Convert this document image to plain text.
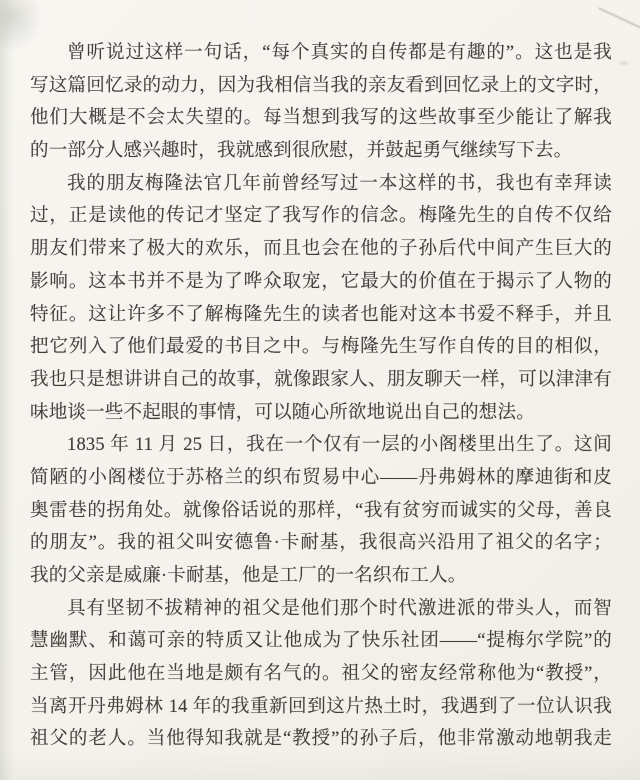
曾听说过这样一句话，“每个真实的自传都是有趣的”。这也是我
写这篇回忆录的动力，因为我相信当我的亲友看到回忆录上的文字时，
他们大概是不会太失望的。每当想到我写的这些故事至少能让了解我
的一部分人感兴趣时，我就感到很欣慰，并鼓起勇气继续写下去。
我的朋友梅隆法官几年前曾经写过一本这样的书，我也有幸拜读
过，正是读他的传记才坚定了我写作的信念。梅隆先生的自传不仅给
朋友们带来了极大的欢乐，而且也会在他的子孙后代中间产生巨大的
影响。这本书并不是为了哗众取宠，它最大的价值在于揭示了人物的
特征。这让许多不了解梅隆先生的读者也能对这本书爱不释手，并且
把它列入了他们最爱的书目之中。与梅隆先生写作自传的目的相似，
我也只是想讲讲自己的故事，就像跟家人、朋友聊天一样，可以津津有
味地谈一些不起眼的事情，可以随心所欲地说出自己的想法。
1835 年 11 月 25 日，我在一个仅有一层的小阁楼里出生了。这间
简陋的小阁楼位于苏格兰的织布贸易中心——丹弗姆林的摩迪街和皮
奥雷巷的拐角处。就像俗话说的那样，“我有贫穷而诚实的父母，善良
的朋友”。我的祖父叫安德鲁·卡耐基，我很高兴沿用了祖父的名字；
我的父亲是威廉·卡耐基，他是工厂的一名织布工人。
具有坚韧不拔精神的祖父是他们那个时代激进派的带头人，而智
慧幽默、和蔼可亲的特质又让他成为了快乐社团——“提梅尔学院”的
主管，因此他在当地是颇有名气的。祖父的密友经常称他为“教授”，
当离开丹弗姆林 14 年的我重新回到这片热土时，我遇到了一位认识我
祖父的老人。当他得知我就是“教授”的孙子后，他非常激动地朝我走
